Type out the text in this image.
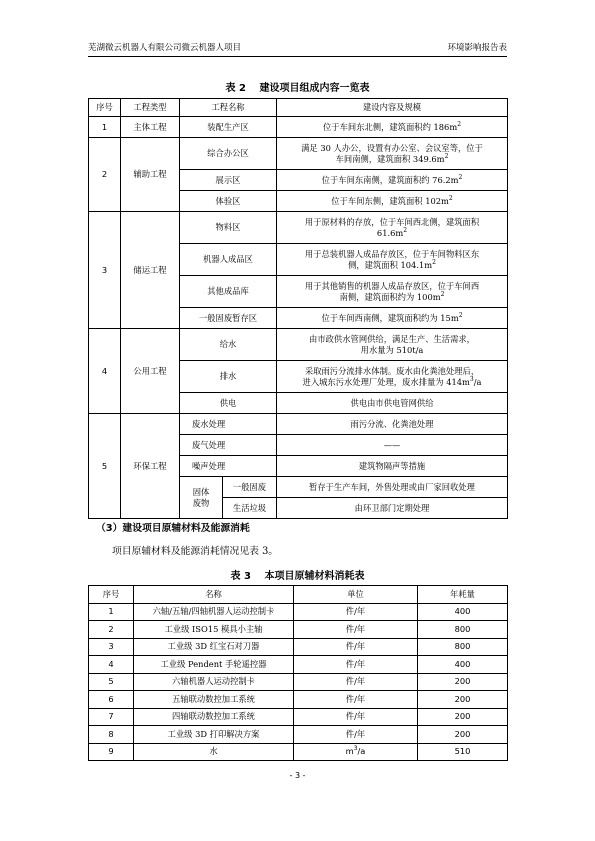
芜湖微云机器人有限公司微云机器人项目	环境影响报告表
表 2　 建设项目组成内容一览表
序号	工程类型	工程名称		建设内容及规模
1	主体工程	装配生产区		位于车间东北侧，建筑面积约 $186m^2$
2	辅助工程	综合办公区		满足 30 人办公，设置有办公室、会议室等，位于
车间南侧，建筑面积 $349.6m^2$

		展示区		位于车间东南侧，建筑面积约 $76.2m^2$
		体验区		位于车间东侧，建筑面积 $102m^2$
3	储运工程	物料区		用于原材料的存放，位于车间西北侧，建筑面积
$61.6m^2$

		机器人成品区		用于总装机器人成品存放区，位于车间物料区东
侧，建筑面积 $104.1m^2$

		其他成品库		用于其他销售的机器人成品存放区，位于车间西
南侧，建筑面积约为 $100m^2$

		一般固废暂存区		位于车间西南侧，建筑面积约为 $15m^2$
4	公用工程	给水		由市政供水管网供给，满足生产、生活需求，
用水量为 510t/a

		排水		采取雨污分流排水体制。废水由化粪池处理后，
进入城东污水处理厂处理，废水排量为 $414m^3/a$

		供电		供电由市供电管网供给
5	环保工程	废水处理		雨污分流、化粪池处理
		废气处理		——
		噪声处理		建筑物隔声等措施
		固体废物	一般固废	暂存于生产车间，外售处理或由厂家回收处理
			生活垃圾	由环卫部门定期处理
（3）建设项目原辅材料及能源消耗
项目原辅材料及能源消耗情况见表 3。
表 3　 本项目原辅材料消耗表
序号	名称	单位	年耗量
1	六轴/五轴/四轴机器人运动控制卡	件/年	400
2	工业级 ISO15 模具小主轴	件/年	800
3	工业级 3D 红宝石对刀器	件/年	800
4	工业级 Pendent 手轮遥控器	件/年	400
5	六轴机器人运动控制卡	件/年	200
6	五轴联动数控加工系统	件/年	200
7	四轴联动数控加工系统	件/年	200
8	工业级 3D 打印解决方案	件/年	200
9	水	$m^3/a$	510
- 3 -
